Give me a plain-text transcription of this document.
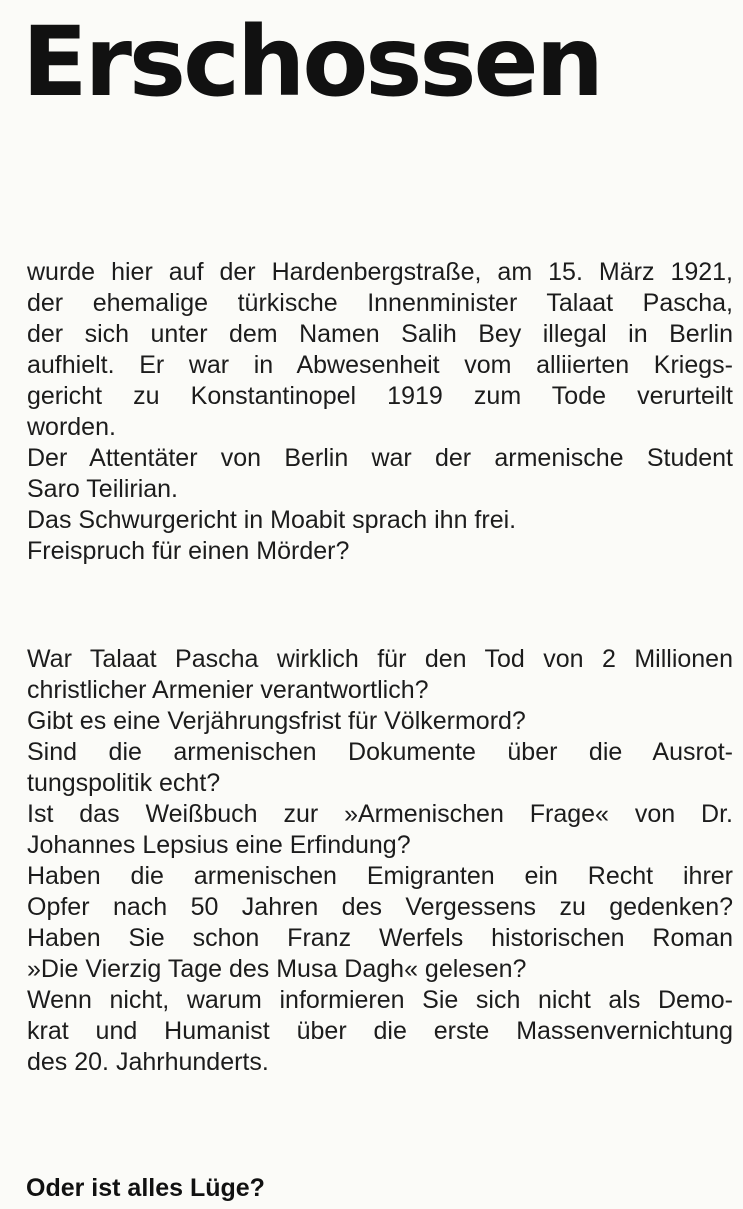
Erschossen
wurde hier auf der Hardenbergstraße, am 15. März 1921,
der ehemalige türkische Innenminister Talaat Pascha,
der sich unter dem Namen Salih Bey illegal in Berlin
aufhielt. Er war in Abwesenheit vom alliierten Kriegs-
gericht zu Konstantinopel 1919 zum Tode verurteilt
worden.
Der Attentäter von Berlin war der armenische Student
Saro Teilirian.
Das Schwurgericht in Moabit sprach ihn frei.
Freispruch für einen Mörder?
War Talaat Pascha wirklich für den Tod von 2 Millionen
christlicher Armenier verantwortlich?
Gibt es eine Verjährungsfrist für Völkermord?
Sind die armenischen Dokumente über die Ausrot-
tungspolitik echt?
Ist das Weißbuch zur »Armenischen Frage« von Dr.
Johannes Lepsius eine Erfindung?
Haben die armenischen Emigranten ein Recht ihrer
Opfer nach 50 Jahren des Vergessens zu gedenken?
Haben Sie schon Franz Werfels historischen Roman
»Die Vierzig Tage des Musa Dagh« gelesen?
Wenn nicht, warum informieren Sie sich nicht als Demo-
krat und Humanist über die erste Massenvernichtung
des 20. Jahrhunderts.

Oder ist alles Lüge?
